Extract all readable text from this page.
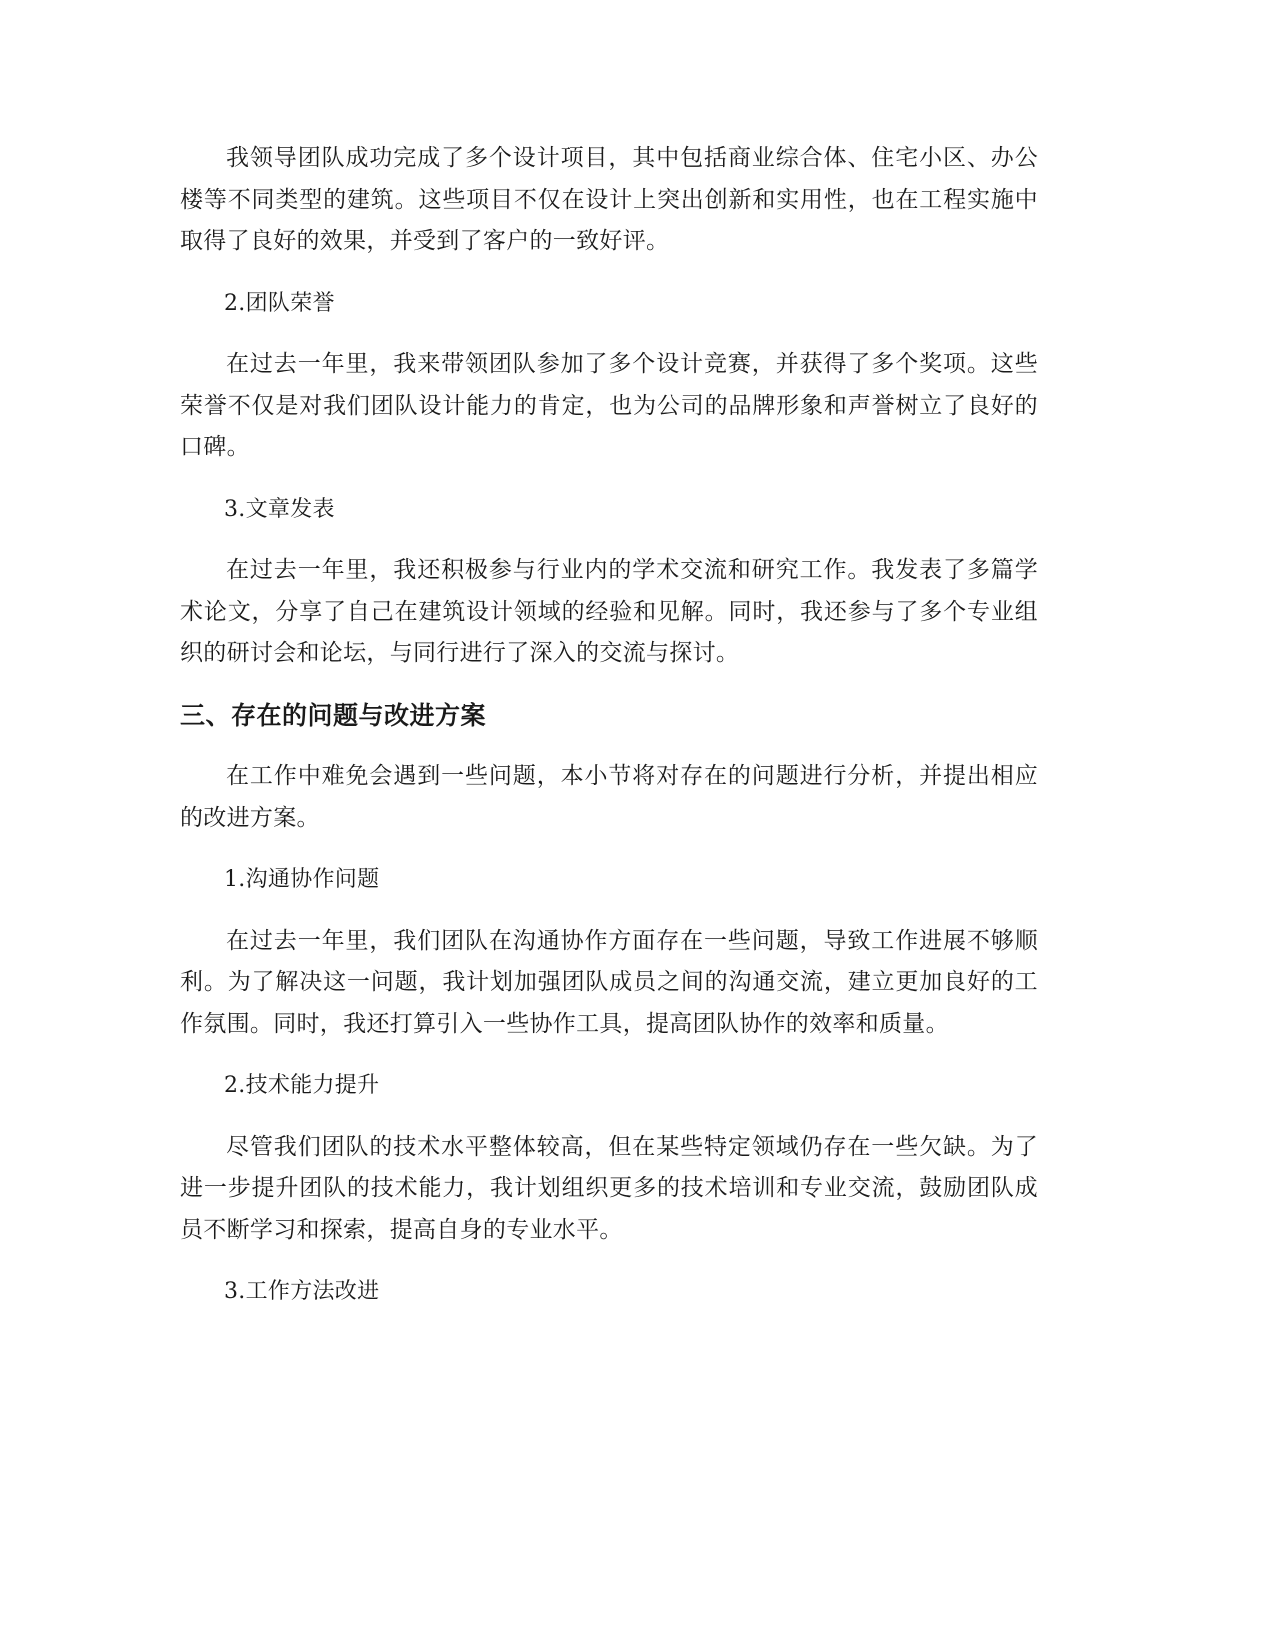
我领导团队成功完成了多个设计项目，其中包括商业综合体、住宅小区、办公楼等不同类型的建筑。这些项目不仅在设计上突出创新和实用性，也在工程实施中取得了良好的效果，并受到了客户的一致好评。

2.团队荣誉

在过去一年里，我来带领团队参加了多个设计竞赛，并获得了多个奖项。这些荣誉不仅是对我们团队设计能力的肯定，也为公司的品牌形象和声誉树立了良好的口碑。

3.文章发表

在过去一年里，我还积极参与行业内的学术交流和研究工作。我发表了多篇学术论文，分享了自己在建筑设计领域的经验和见解。同时，我还参与了多个专业组织的研讨会和论坛，与同行进行了深入的交流与探讨。

三、存在的问题与改进方案

在工作中难免会遇到一些问题，本小节将对存在的问题进行分析，并提出相应的改进方案。

1.沟通协作问题

在过去一年里，我们团队在沟通协作方面存在一些问题，导致工作进展不够顺利。为了解决这一问题，我计划加强团队成员之间的沟通交流，建立更加良好的工作氛围。同时，我还打算引入一些协作工具，提高团队协作的效率和质量。

2.技术能力提升

尽管我们团队的技术水平整体较高，但在某些特定领域仍存在一些欠缺。为了进一步提升团队的技术能力，我计划组织更多的技术培训和专业交流，鼓励团队成员不断学习和探索，提高自身的专业水平。

3.工作方法改进
